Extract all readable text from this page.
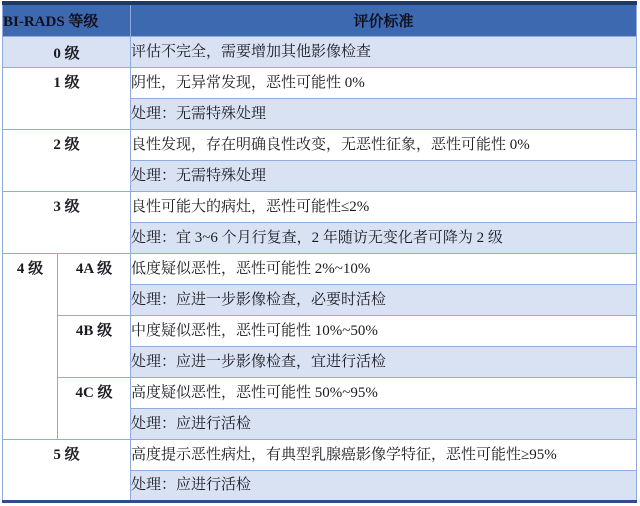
BI-RADS 等级		评价标准
0 级		评估不完全，需要增加其他影像检查
1 级		阴性，无异常发现，恶性可能性 0%
		处理：无需特殊处理
2 级		良性发现，存在明确良性改变，无恶性征象，恶性可能性 0%
		处理：无需特殊处理
3 级		良性可能大的病灶，恶性可能性≤2%
		处理：宜 3~6 个月行复查，2 年随访无变化者可降为 2 级
4 级	4A 级	低度疑似恶性，恶性可能性 2%~10%
		处理：应进一步影像检查，必要时活检
	4B 级	中度疑似恶性，恶性可能性 10%~50%
		处理：应进一步影像检查，宜进行活检
	4C 级	高度疑似恶性，恶性可能性 50%~95%
		处理：应进行活检
5 级		高度提示恶性病灶，有典型乳腺癌影像学特征，恶性可能性≥95%
		处理：应进行活检
